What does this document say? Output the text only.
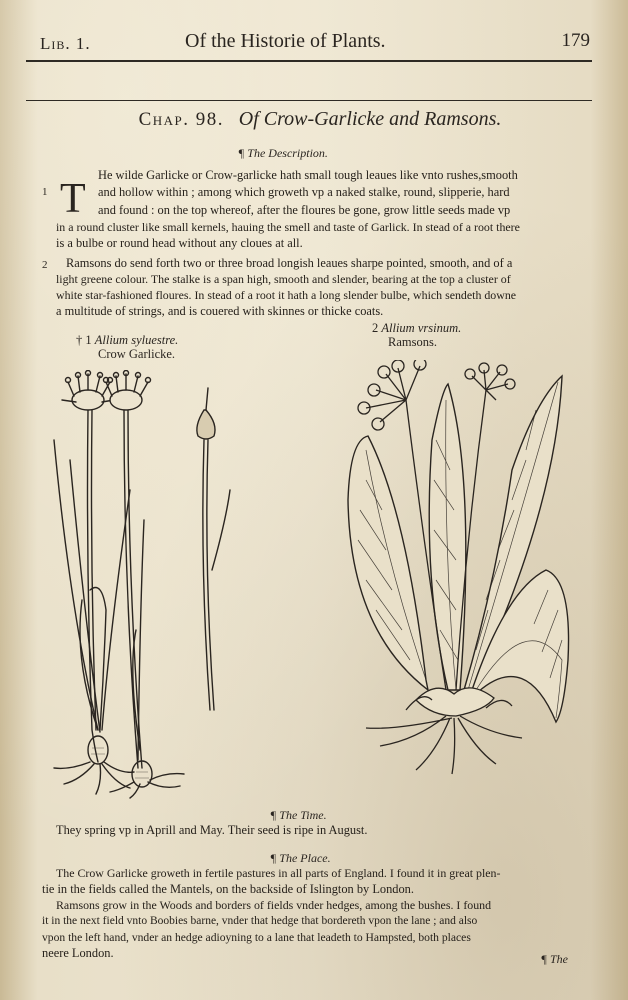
Lib. 1.	Of the Historie of Plants.	179
Chap. 98. Of Crow-Garlicke and Ramsons.
¶ The Description.
1 T
He wilde Garlicke or Crow-garlicke hath small tough leaues like vnto rushes,smooth
and hollow within ; among which groweth vp a naked stalke, round, slipperie, hard
and found : on the top whereof, after the floures be gone, grow little seeds made vp
in a round cluster like small kernels, hauing the smell and taste of Garlick. In stead of a root there
is a bulbe or round head without any cloues at all.
2 Ramsons do send forth two or three broad longish leaues sharpe pointed, smooth, and of a
light greene colour. The stalke is a span high, smooth and slender, bearing at the top a cluster of
white star-fashioned floures. In stead of a root it hath a long slender bulbe, which sendeth downe
a multitude of strings, and is couered with skinnes or thicke coats.
† 1 Allium syluestre.
Crow Garlicke.
2 Allium vrsinum.
Ramsons.
¶ The Time.
They spring vp in Aprill and May. Their seed is ripe in August.
¶ The Place.
The Crow Garlicke groweth in fertile pastures in all parts of England. I found it in great plen-
tie in the fields called the Mantels, on the backside of Islington by London.
Ramsons grow in the Woods and borders of fields vnder hedges, among the bushes. I found
it in the next field vnto Boobies barne, vnder that hedge that bordereth vpon the lane ; and also
vpon the left hand, vnder an hedge adioyning to a lane that leadeth to Hampsted, both places
neere London.	¶ The
